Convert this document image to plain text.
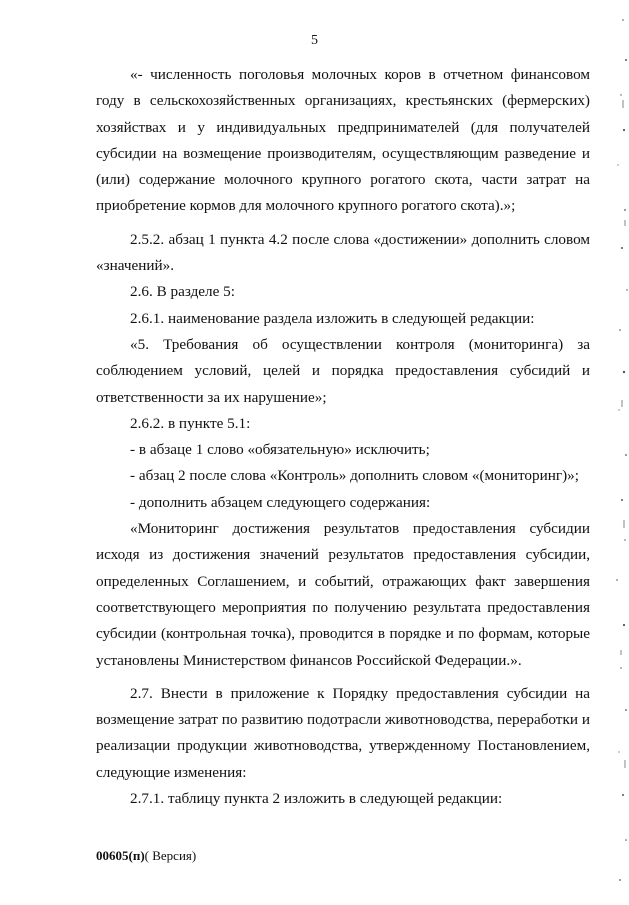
5

«- численность поголовья молочных коров в отчетном финансовом году в сельскохозяйственных организациях, крестьянских (фермерских) хозяйствах и у индивидуальных предпринимателей (для получателей субсидии на возмещение производителям, осуществляющим разведение и (или) содержание молочного крупного рогатого скота, части затрат на приобретение кормов для молочного крупного рогатого скота).»;

2.5.2. абзац 1 пункта 4.2 после слова «достижении» дополнить словом «значений».

2.6. В разделе 5:

2.6.1. наименование раздела изложить в следующей редакции:

«5. Требования об осуществлении контроля (мониторинга) за соблюдением условий, целей и порядка предоставления субсидий и ответственности за их нарушение»;

2.6.2. в пункте 5.1:

- в абзаце 1 слово «обязательную» исключить;

- абзац 2 после слова «Контроль» дополнить словом «(мониторинг)»;

- дополнить абзацем следующего содержания:

«Мониторинг достижения результатов предоставления субсидии исходя из достижения значений результатов предоставления субсидии, определенных Соглашением, и событий, отражающих факт завершения соответствующего мероприятия по получению результата предоставления субсидии (контрольная точка), проводится в порядке и по формам, которые установлены Министерством финансов Российской Федерации.».

2.7. Внести в приложение к Порядку предоставления субсидии на возмещение затрат по развитию подотрасли животноводства, переработки и реализации продукции животноводства, утвержденному Постановлением, следующие изменения:

2.7.1. таблицу пункта 2 изложить в следующей редакции:

00605(п)( Версия)
